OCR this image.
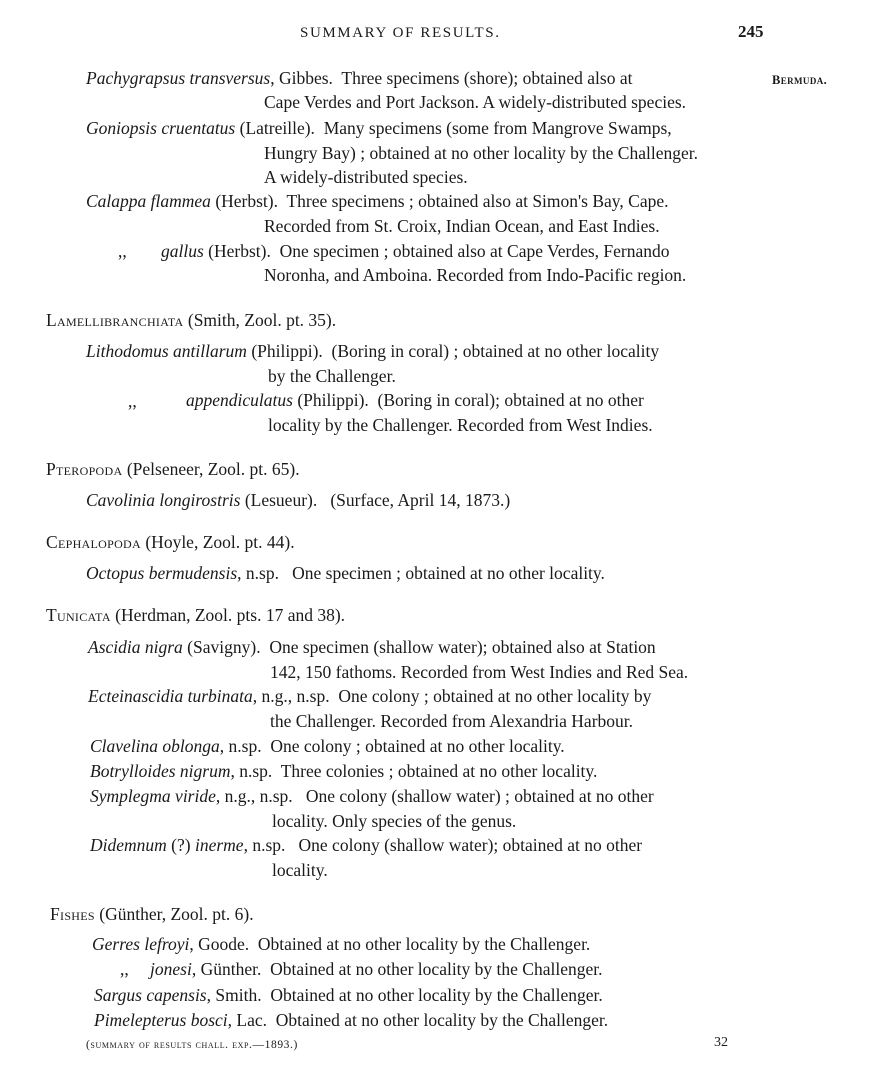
SUMMARY OF RESULTS.	245
Pachygrapsus transversus, Gibbes. Three specimens (shore); obtained also at	Bermuda.
Cape Verdes and Port Jackson. A widely-distributed species.
Goniopsis cruentatus (Latreille). Many specimens (some from Mangrove Swamps,
Hungry Bay) ; obtained at no other locality by the Challenger.
A widely-distributed species.
Calappa flammea (Herbst). Three specimens ; obtained also at Simon's Bay, Cape.
Recorded from St. Croix, Indian Ocean, and East Indies.
,, gallus (Herbst). One specimen ; obtained also at Cape Verdes, Fernando
Noronha, and Amboina. Recorded from Indo-Pacific region.
Lamellibranchiata (Smith, Zool. pt. 35).
Lithodomus antillarum (Philippi). (Boring in coral) ; obtained at no other locality
by the Challenger.
,,	appendiculatus (Philippi). (Boring in coral); obtained at no other
locality by the Challenger. Recorded from West Indies.
Pteropoda (Pelseneer, Zool. pt. 65).
Cavolinia longirostris (Lesueur). (Surface, April 14, 1873.)
Cephalopoda (Hoyle, Zool. pt. 44).
Octopus bermudensis, n.sp. One specimen ; obtained at no other locality.
Tunicata (Herdman, Zool. pts. 17 and 38).
Ascidia nigra (Savigny). One specimen (shallow water); obtained also at Station
142, 150 fathoms. Recorded from West Indies and Red Sea.
Ecteinascidia turbinata, n.g., n.sp. One colony ; obtained at no other locality by
the Challenger. Recorded from Alexandria Harbour.
Clavelina oblonga, n.sp. One colony ; obtained at no other locality.
Botrylloides nigrum, n.sp. Three colonies ; obtained at no other locality.
Symplegma viride, n.g., n.sp. One colony (shallow water) ; obtained at no other
locality. Only species of the genus.
Didemnum (?) inerme, n.sp. One colony (shallow water); obtained at no other
locality.
Fishes (Günther, Zool. pt. 6).
Gerres lefroyi, Goode. Obtained at no other locality by the Challenger.
,, jonesi, Günther. Obtained at no other locality by the Challenger.
Sargus capensis, Smith. Obtained at no other locality by the Challenger.
Pimelepterus bosci, Lac. Obtained at no other locality by the Challenger.
(summary of results chall. exp.—1893.)	32
